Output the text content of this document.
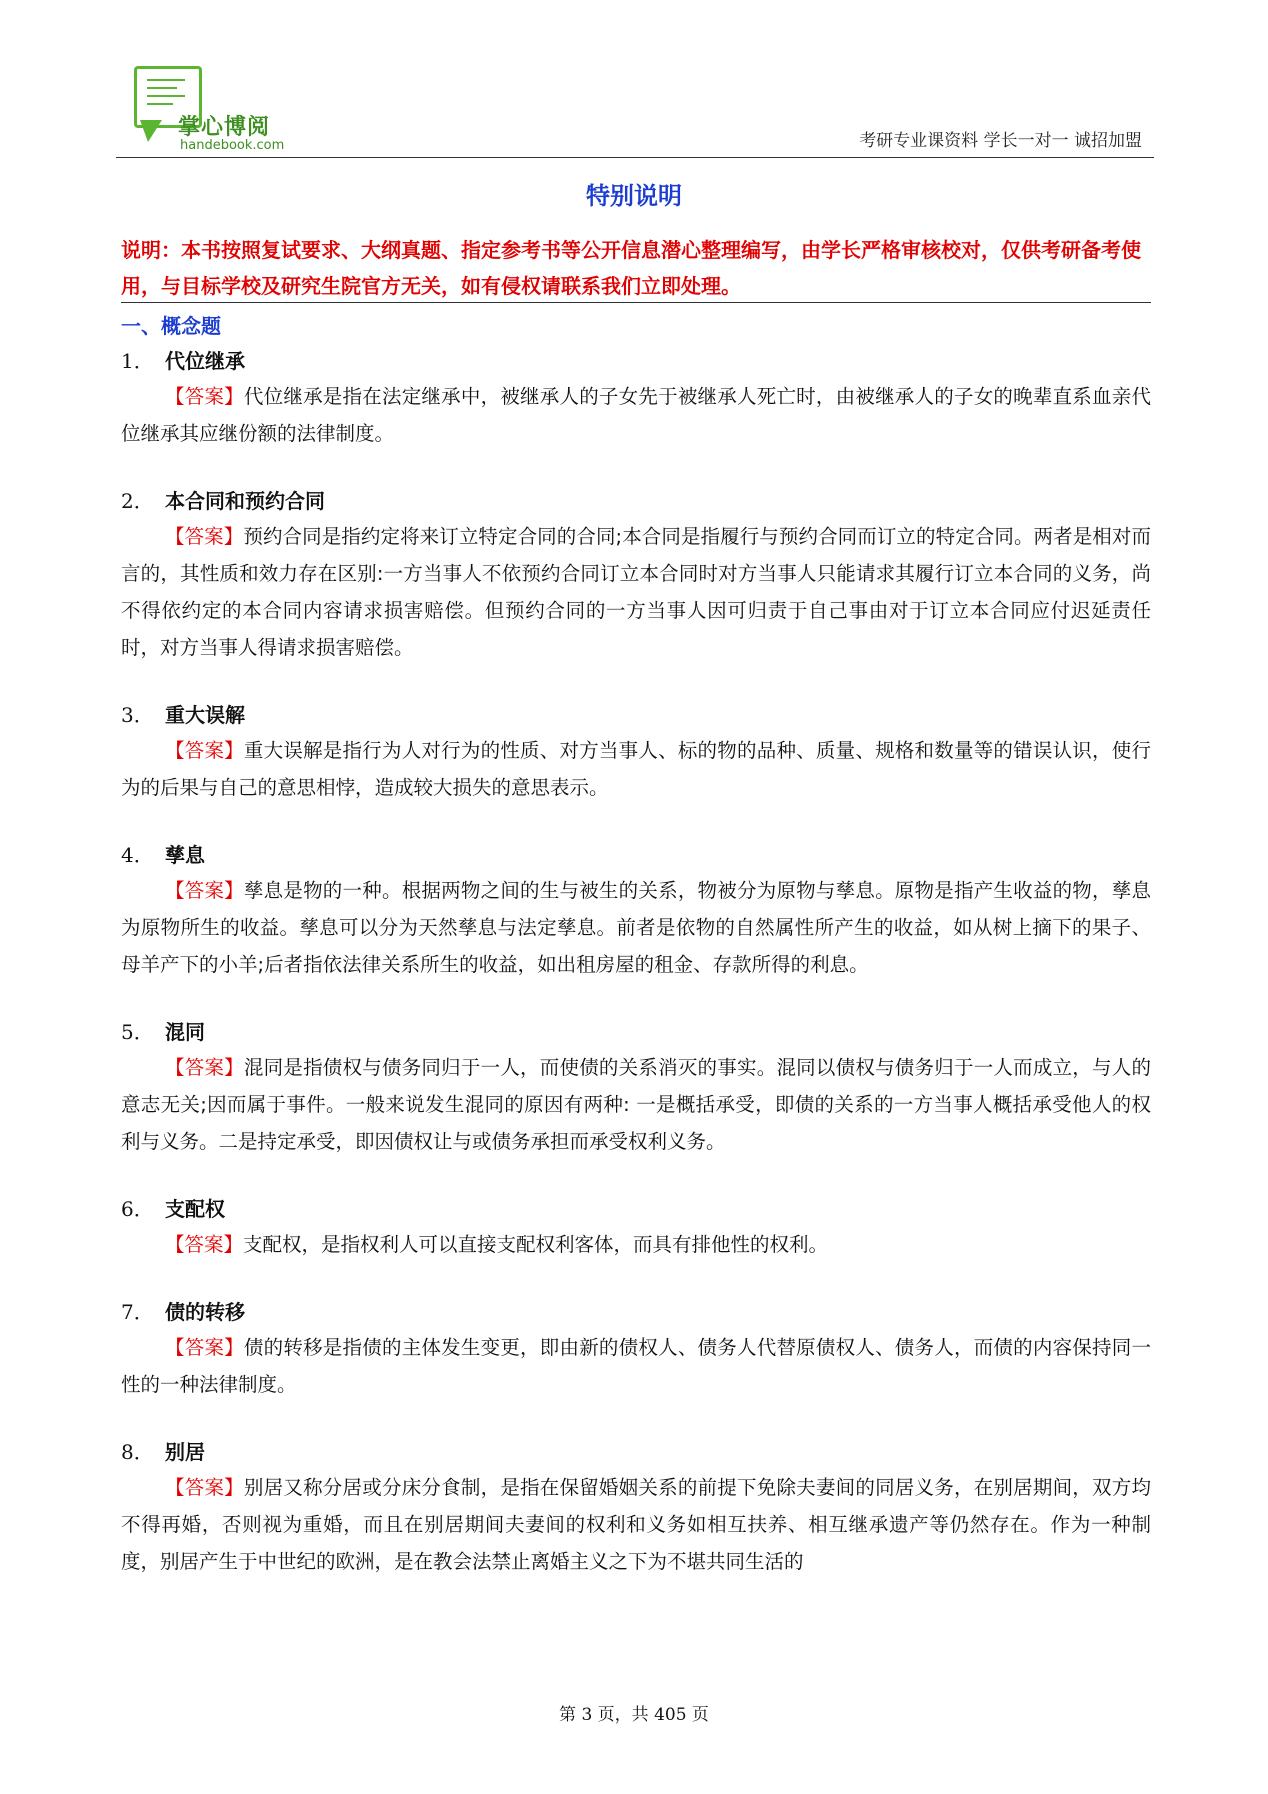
掌心博阅
handebook.com	考研专业课资料 学长一对一 诚招加盟
特别说明
说明：本书按照复试要求、大纲真题、指定参考书等公开信息潜心整理编写，由学长严格审核校对，仅供考研备考使用，与目标学校及研究生院官方无关，如有侵权请联系我们立即处理。
一、概念题
1． 代位继承
【答案】代位继承是指在法定继承中，被继承人的子女先于被继承人死亡时，由被继承人的子女的晚辈直系血亲代位继承其应继份额的法律制度。
2． 本合同和预约合同
【答案】预约合同是指约定将来订立特定合同的合同;本合同是指履行与预约合同而订立的特定合同。两者是相对而言的，其性质和效力存在区别:一方当事人不依预约合同订立本合同时对方当事人只能请求其履行订立本合同的义务，尚不得依约定的本合同内容请求损害赔偿。但预约合同的一方当事人因可归责于自己事由对于订立本合同应付迟延责任时，对方当事人得请求损害赔偿。
3． 重大误解
【答案】重大误解是指行为人对行为的性质、对方当事人、标的物的品种、质量、规格和数量等的错误认识，使行为的后果与自己的意思相悖，造成较大损失的意思表示。
4． 孳息
【答案】孳息是物的一种。根据两物之间的生与被生的关系，物被分为原物与孳息。原物是指产生收益的物，孳息为原物所生的收益。孳息可以分为天然孳息与法定孳息。前者是依物的自然属性所产生的收益，如从树上摘下的果子、母羊产下的小羊;后者指依法律关系所生的收益，如出租房屋的租金、存款所得的利息。
5． 混同
【答案】混同是指债权与债务同归于一人，而使债的关系消灭的事实。混同以债权与债务归于一人而成立，与人的意志无关;因而属于事件。一般来说发生混同的原因有两种: 一是概括承受，即债的关系的一方当事人概括承受他人的权利与义务。二是持定承受，即因债权让与或债务承担而承受权利义务。
6． 支配权
【答案】支配权，是指权利人可以直接支配权利客体，而具有排他性的权利。
7． 债的转移
【答案】债的转移是指债的主体发生变更，即由新的债权人、债务人代替原债权人、债务人，而债的内容保持同一性的一种法律制度。
8． 别居
【答案】别居又称分居或分床分食制，是指在保留婚姻关系的前提下免除夫妻间的同居义务，在别居期间，双方均不得再婚，否则视为重婚，而且在别居期间夫妻间的权利和义务如相互扶养、相互继承遗产等仍然存在。作为一种制度，别居产生于中世纪的欧洲，是在教会法禁止离婚主义之下为不堪共同生活的
第 3 页，共 405 页
